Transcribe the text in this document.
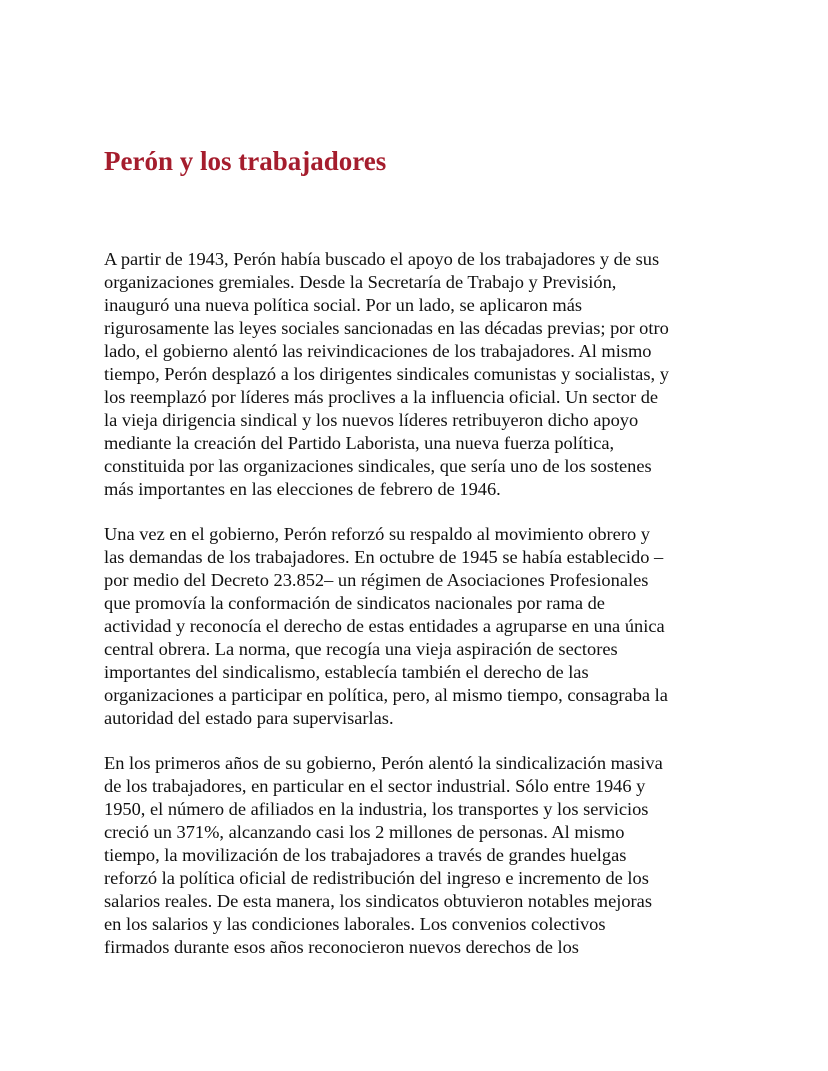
Perón y los trabajadores

A partir de 1943, Perón había buscado el apoyo de los trabajadores y de sus
organizaciones gremiales. Desde la Secretaría de Trabajo y Previsión,
inauguró una nueva política social. Por un lado, se aplicaron más
rigurosamente las leyes sociales sancionadas en las décadas previas; por otro
lado, el gobierno alentó las reivindicaciones de los trabajadores. Al mismo
tiempo, Perón desplazó a los dirigentes sindicales comunistas y socialistas, y
los reemplazó por líderes más proclives a la influencia oficial. Un sector de
la vieja dirigencia sindical y los nuevos líderes retribuyeron dicho apoyo
mediante la creación del Partido Laborista, una nueva fuerza política,
constituida por las organizaciones sindicales, que sería uno de los sostenes
más importantes en las elecciones de febrero de 1946.

Una vez en el gobierno, Perón reforzó su respaldo al movimiento obrero y
las demandas de los trabajadores. En octubre de 1945 se había establecido –
por medio del Decreto 23.852– un régimen de Asociaciones Profesionales
que promovía la conformación de sindicatos nacionales por rama de
actividad y reconocía el derecho de estas entidades a agruparse en una única
central obrera. La norma, que recogía una vieja aspiración de sectores
importantes del sindicalismo, establecía también el derecho de las
organizaciones a participar en política, pero, al mismo tiempo, consagraba la
autoridad del estado para supervisarlas.

En los primeros años de su gobierno, Perón alentó la sindicalización masiva
de los trabajadores, en particular en el sector industrial. Sólo entre 1946 y
1950, el número de afiliados en la industria, los transportes y los servicios
creció un 371%, alcanzando casi los 2 millones de personas. Al mismo
tiempo, la movilización de los trabajadores a través de grandes huelgas
reforzó la política oficial de redistribución del ingreso e incremento de los
salarios reales. De esta manera, los sindicatos obtuvieron notables mejoras
en los salarios y las condiciones laborales. Los convenios colectivos
firmados durante esos años reconocieron nuevos derechos de los
